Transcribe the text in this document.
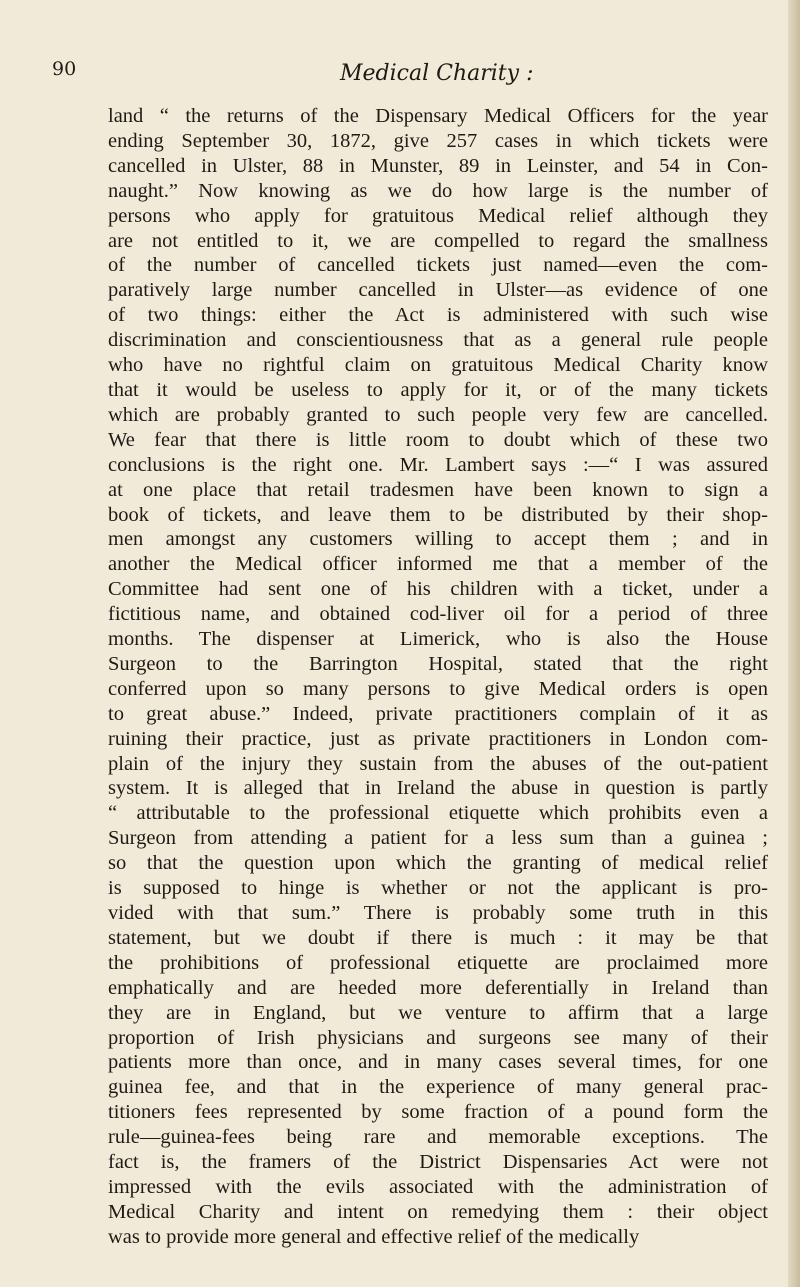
90	Medical Charity :
land “ the returns of the Dispensary Medical Officers for the year
ending September 30, 1872, give 257 cases in which tickets were
cancelled in Ulster, 88 in Munster, 89 in Leinster, and 54 in Con-
naught.” Now knowing as we do how large is the number of
persons who apply for gratuitous Medical relief although they
are not entitled to it, we are compelled to regard the smallness
of the number of cancelled tickets just named—even the com-
paratively large number cancelled in Ulster—as evidence of one
of two things: either the Act is administered with such wise
discrimination and conscientiousness that as a general rule people
who have no rightful claim on gratuitous Medical Charity know
that it would be useless to apply for it, or of the many tickets
which are probably granted to such people very few are cancelled.
We fear that there is little room to doubt which of these two
conclusions is the right one. Mr. Lambert says :—“ I was assured
at one place that retail tradesmen have been known to sign a
book of tickets, and leave them to be distributed by their shop-
men amongst any customers willing to accept them ; and in
another the Medical officer informed me that a member of the
Committee had sent one of his children with a ticket, under a
fictitious name, and obtained cod-liver oil for a period of three
months. The dispenser at Limerick, who is also the House
Surgeon to the Barrington Hospital, stated that the right
conferred upon so many persons to give Medical orders is open
to great abuse.” Indeed, private practitioners complain of it as
ruining their practice, just as private practitioners in London com-
plain of the injury they sustain from the abuses of the out-patient
system. It is alleged that in Ireland the abuse in question is partly
“ attributable to the professional etiquette which prohibits even a
Surgeon from attending a patient for a less sum than a guinea ;
so that the question upon which the granting of medical relief
is supposed to hinge is whether or not the applicant is pro-
vided with that sum.” There is probably some truth in this
statement, but we doubt if there is much : it may be that
the prohibitions of professional etiquette are proclaimed more
emphatically and are heeded more deferentially in Ireland than
they are in England, but we venture to affirm that a large
proportion of Irish physicians and surgeons see many of their
patients more than once, and in many cases several times, for one
guinea fee, and that in the experience of many general prac-
titioners fees represented by some fraction of a pound form the
rule—guinea-fees being rare and memorable exceptions. The
fact is, the framers of the District Dispensaries Act were not
impressed with the evils associated with the administration of
Medical Charity and intent on remedying them : their object
was to provide more general and effective relief of the medically
